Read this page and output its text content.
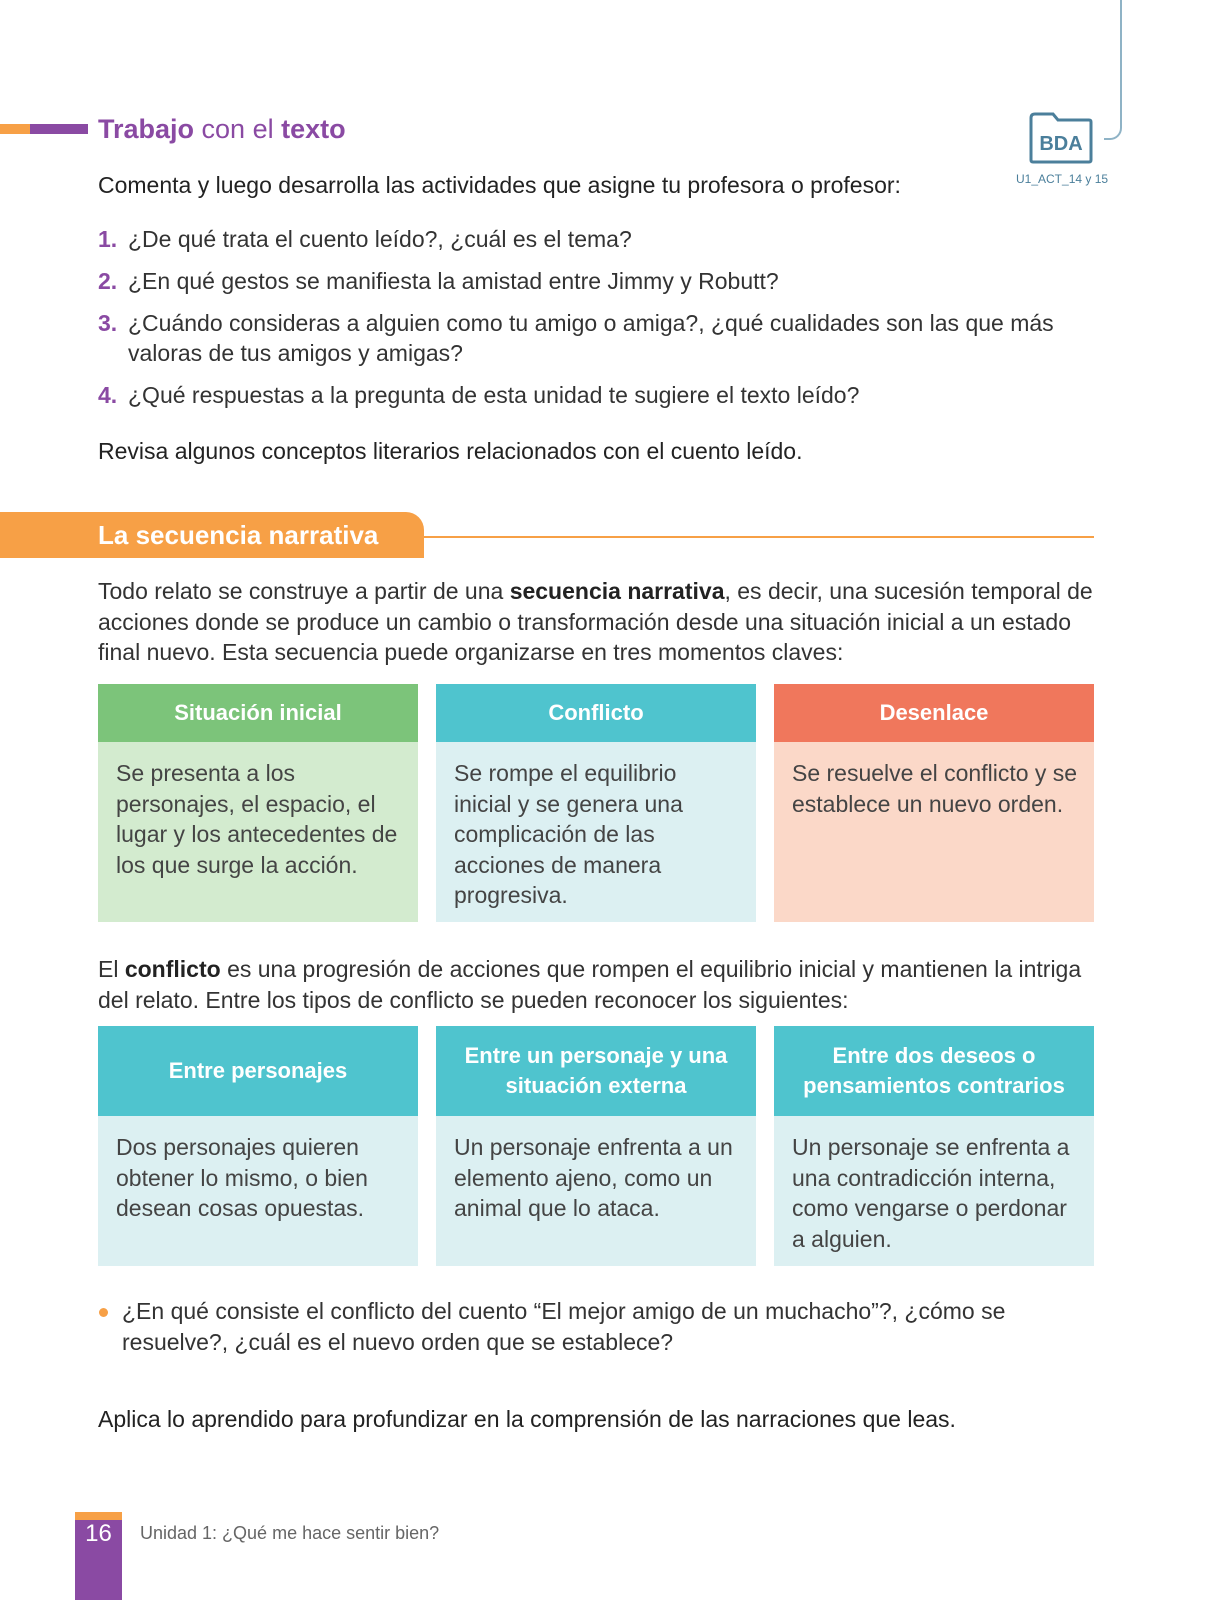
Trabajo con el texto	BDA
U1_ACT_14 y 15
Comenta y luego desarrolla las actividades que asigne tu profesora o profesor:
1. ¿De qué trata el cuento leído?, ¿cuál es el tema?
2. ¿En qué gestos se manifiesta la amistad entre Jimmy y Robutt?
3. ¿Cuándo consideras a alguien como tu amigo o amiga?, ¿qué cualidades son las que más valoras de tus amigos y amigas?
4. ¿Qué respuestas a la pregunta de esta unidad te sugiere el texto leído?
Revisa algunos conceptos literarios relacionados con el cuento leído.
La secuencia narrativa
Todo relato se construye a partir de una secuencia narrativa, es decir, una sucesión temporal de acciones donde se produce un cambio o transformación desde una situación inicial a un estado final nuevo. Esta secuencia puede organizarse en tres momentos claves:
Situación inicial
Se presenta a los personajes, el espacio, el lugar y los antecedentes de los que surge la acción.
Conflicto
Se rompe el equilibrio inicial y se genera una complicación de las acciones de manera progresiva.
Desenlace
Se resuelve el conflicto y se establece un nuevo orden.
El conflicto es una progresión de acciones que rompen el equilibrio inicial y mantienen la intriga del relato. Entre los tipos de conflicto se pueden reconocer los siguientes:
Entre personajes
Dos personajes quieren obtener lo mismo, o bien desean cosas opuestas.
Entre un personaje y una situación externa
Un personaje enfrenta a un elemento ajeno, como un animal que lo ataca.
Entre dos deseos o pensamientos contrarios
Un personaje se enfrenta a una contradicción interna, como vengarse o perdonar a alguien.
¿En qué consiste el conflicto del cuento “El mejor amigo de un muchacho”?, ¿cómo se resuelve?, ¿cuál es el nuevo orden que se establece?
Aplica lo aprendido para profundizar en la comprensión de las narraciones que leas.
16	Unidad 1: ¿Qué me hace sentir bien?
